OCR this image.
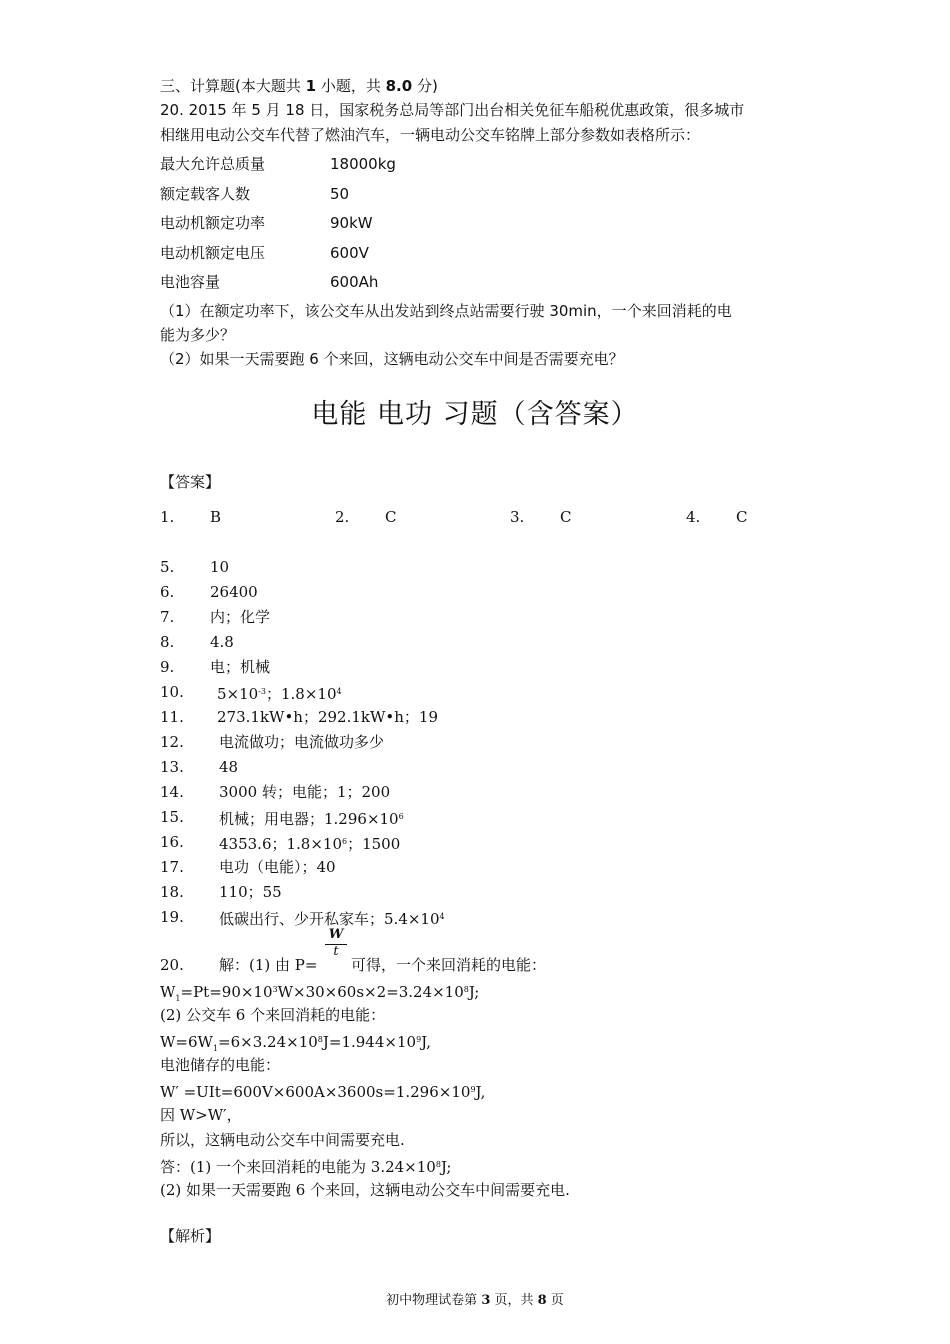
三、计算题(本大题共 1 小题，共 8.0 分)
20. 2015 年 5 月 18 日，国家税务总局等部门出台相关免征车船税优惠政策，很多城市
相继用电动公交车代替了燃油汽车，一辆电动公交车铭牌上部分参数如表格所示：
最大允许总质量	18000kg
额定载客人数	50
电动机额定功率	90kW
电动机额定电压	600V
电池容量	600Ah
（1）在额定功率下，该公交车从出发站到终点站需要行驶 30min，一个来回消耗的电
能为多少？
（2）如果一天需要跑 6 个来回，这辆电动公交车中间是否需要充电？
电能 电功 习题（含答案）
【答案】
1. B	2. C	3. C	4. C
5. 10
6. 26400
7. 内；化学
8. 4.8
9. 电；机械
10. $5\times 10^{-3}$；$1.8\times 10^4$
11. 273.1kW•h；292.1kW•h；19
12. 电流做功；电流做功多少
13. 48
14. 3000 转；电能；1；200
15. 机械；用电器；$1.296\times 10^6$
16. 4353.6；$1.8\times 10^6$；1500
17. 电功（电能）；40
18. 110；55
19. 低碳出行、少开私家车；$5.4\times 10^4$
20. 解：(1) 由 P=
$\frac{W}{t}$
可得，一个来回消耗的电能：
$W_1=Pt=90\times 10^3W\times 30\times 60s\times 2=3.24\times 10^8J$;
(2) 公交车 6 个来回消耗的电能：
$W=6W_1=6\times 3.24\times 10^8J=1.944\times 10^9J$,
电池储存的电能：
$W' =UIt=600V\times 600A\times 3600s=1.296\times 10^9J$,
因 W>W′，
所以，这辆电动公交车中间需要充电.
答：(1) 一个来回消耗的电能为 $3.24\times 10^8J$;
(2) 如果一天需要跑 6 个来回，这辆电动公交车中间需要充电.
【解析】
初中物理试卷第 3 页，共 8 页
